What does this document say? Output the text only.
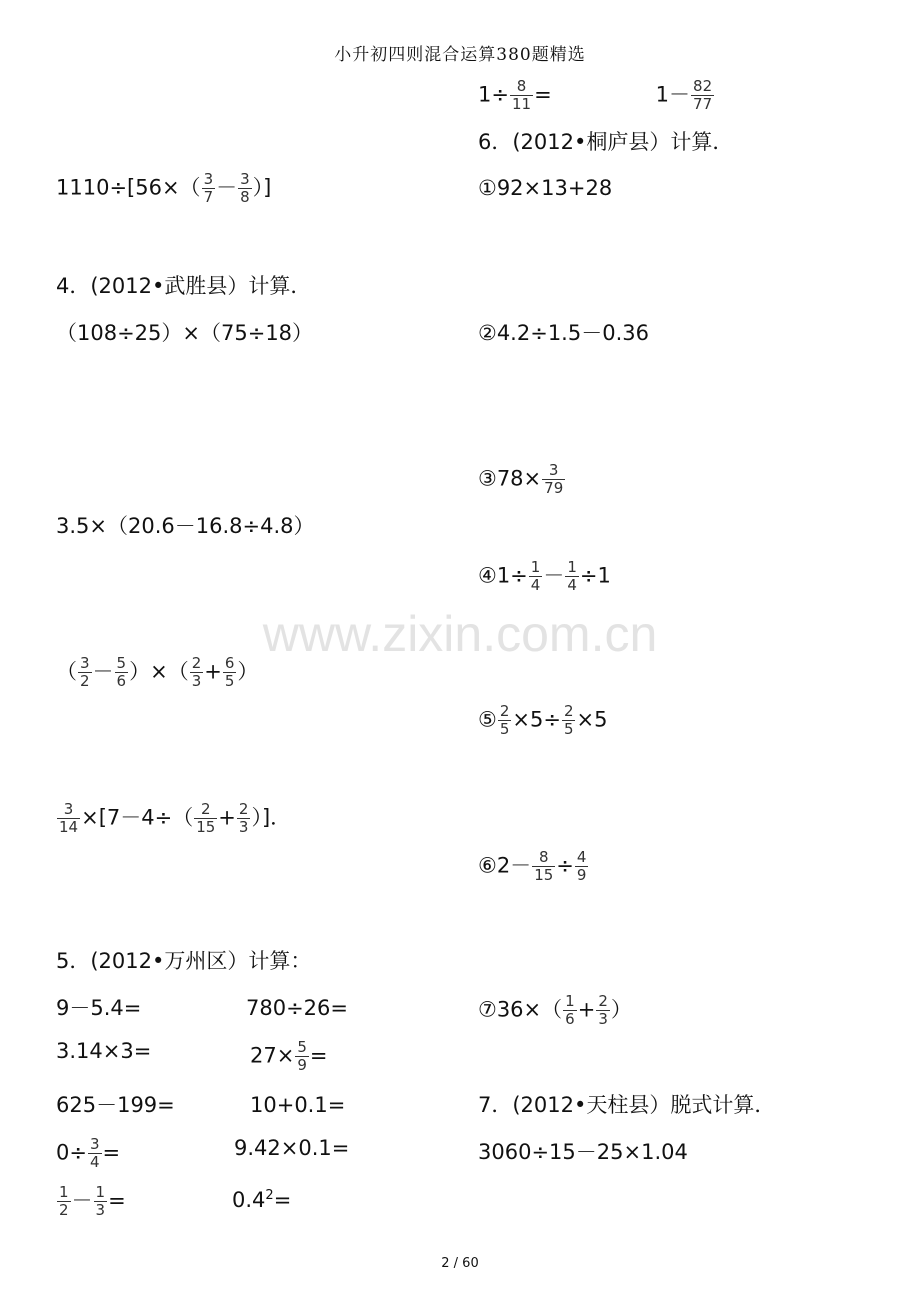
小升初四则混合运算380题精选
www.zixin.com.cn
$1110\div[56\times( \frac{3}{7} - \frac{3}{8}$ ）]
4．(2012•武胜县）计算．
（108÷25）×（75÷18）
3.5×（20.6－16.8÷4.8）
（ $\frac{3}{2} - \frac{5}{6}$ ）×（ $\frac{2}{3} + \frac{6}{5}$ ）
$\frac{3}{14} \times[7-4\div( \frac{2}{15} + \frac{2}{3}$ ）]．
5．(2012•万州区）计算：
9－5.4=	780÷26=
3.14×3=	$27\times \frac{5}{9}$ =
625－199=	10+0.1=
$0\div \frac{3}{4}$ =	9.42×0.1=
$\frac{1}{2} - \frac{1}{3}$ =	$0.4^2=$
$1\div \frac{8}{11}$ =	$1- \frac{82}{77}$
6．(2012•桐庐县）计算．
①92×13+28
②4.2÷1.5－0.36
③78× $\frac{3}{79}$
④1÷ $\frac{1}{4} - \frac{1}{4} \div 1$
⑤ $\frac{2}{5} \times 5\div \frac{2}{5} \times 5$
⑥2－ $\frac{8}{15} \div \frac{4}{9}$
⑦36×（ $\frac{1}{6} + \frac{2}{3}$ ）
7．(2012•天柱县）脱式计算．
3060÷15－25×1.04
2 / 60
